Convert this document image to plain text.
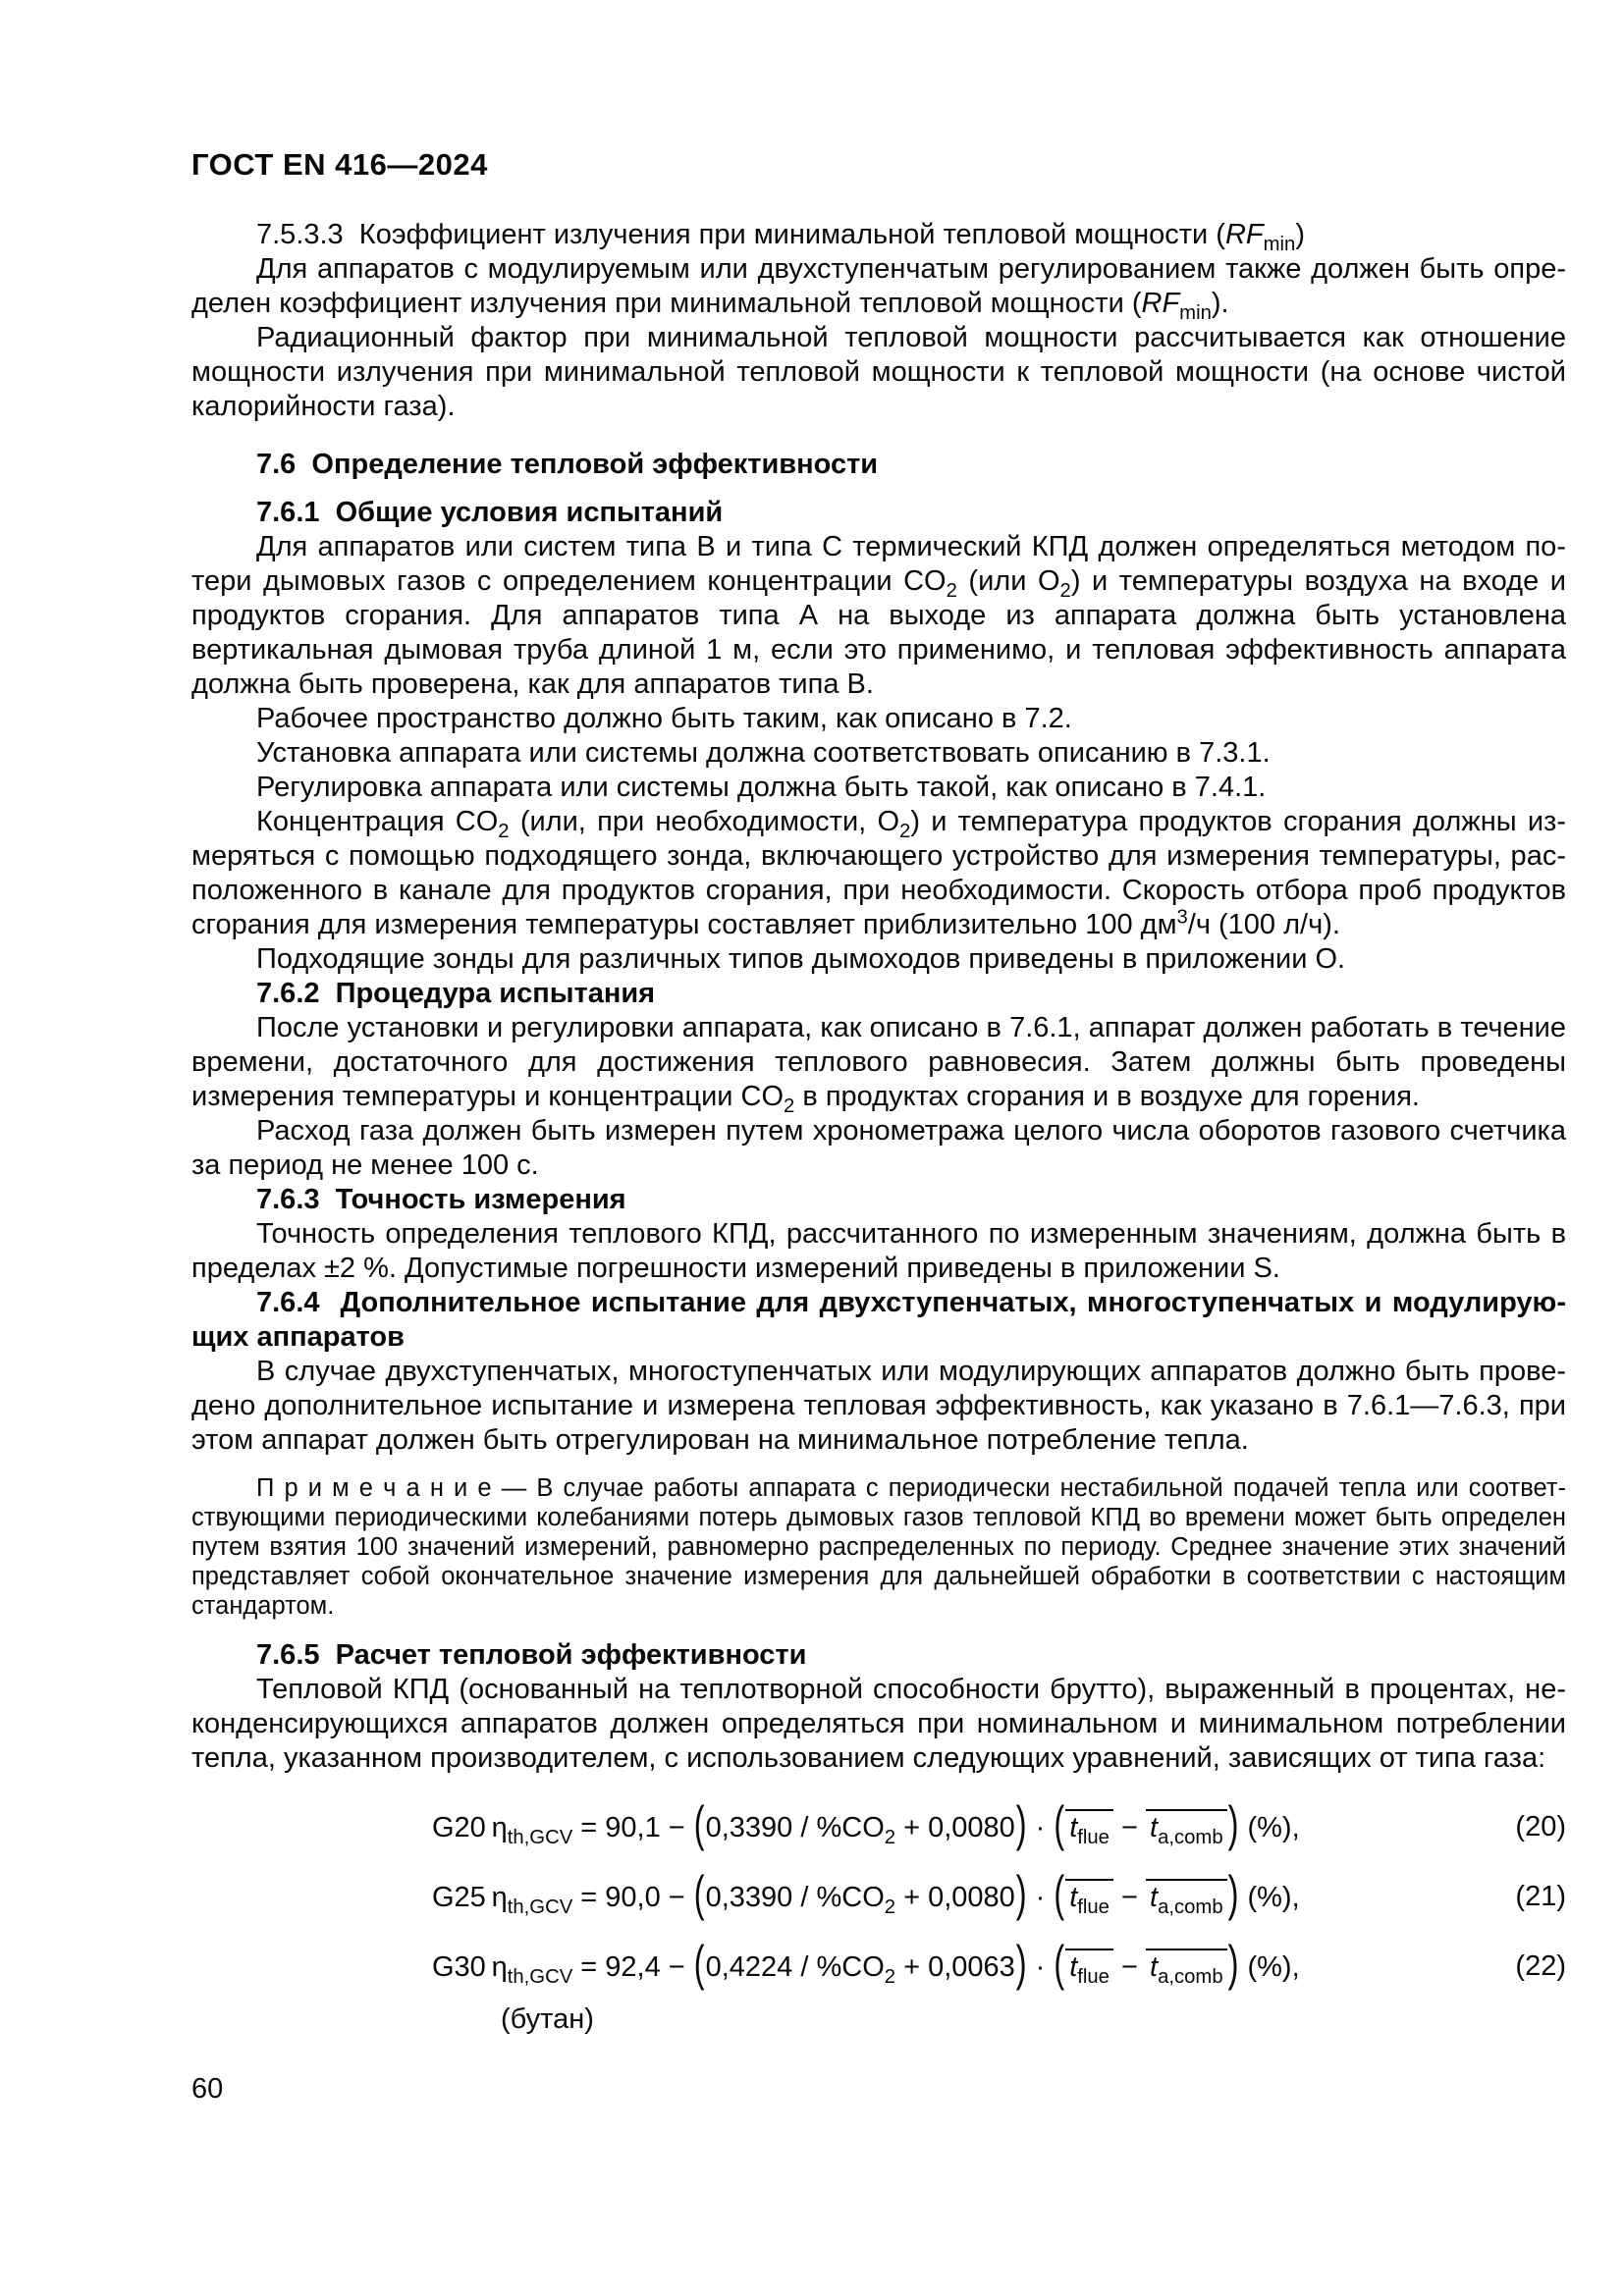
ГОСТ EN 416—2024
7.5.3.3  Коэффициент излучения при минимальной тепловой мощности $(RF_{min})$
Для аппаратов с модулируемым или двухступенчатым регулированием также должен быть определен коэффициент излучения при минимальной тепловой мощности $(RF_{min})$.
Радиационный фактор при минимальной тепловой мощности рассчитывается как отношение мощности излучения при минимальной тепловой мощности к тепловой мощности (на основе чистой калорийности газа).
7.6  Определение тепловой эффективности
7.6.1  Общие условия испытаний
Для аппаратов или систем типа В и типа С термический КПД должен определяться методом потери дымовых газов с определением концентрации $CO_2$ (или $O_2$) и температуры воздуха на входе и продуктов сгорания. Для аппаратов типа А на выходе из аппарата должна быть установлена вертикальная дымовая труба длиной 1 м, если это применимо, и тепловая эффективность аппарата должна быть проверена, как для аппаратов типа В.
Рабочее пространство должно быть таким, как описано в 7.2.
Установка аппарата или системы должна соответствовать описанию в 7.3.1.
Регулировка аппарата или системы должна быть такой, как описано в 7.4.1.
Концентрация $CO_2$ (или, при необходимости, $O_2$) и температура продуктов сгорания должны измеряться с помощью подходящего зонда, включающего устройство для измерения температуры, расположенного в канале для продуктов сгорания, при необходимости. Скорость отбора проб продуктов сгорания для измерения температуры составляет приблизительно 100 $дм^3/ч$ (100 л/ч).
Подходящие зонды для различных типов дымоходов приведены в приложении О.
7.6.2  Процедура испытания
После установки и регулировки аппарата, как описано в 7.6.1, аппарат должен работать в течение времени, достаточного для достижения теплового равновесия. Затем должны быть проведены измерения температуры и концентрации $CO_2$ в продуктах сгорания и в воздухе для горения.
Расход газа должен быть измерен путем хронометража целого числа оборотов газового счетчика за период не менее 100 с.
7.6.3  Точность измерения
Точность определения теплового КПД, рассчитанного по измеренным значениям, должна быть в пределах ±2 %. Допустимые погрешности измерений приведены в приложении S.
7.6.4  Дополнительное испытание для двухступенчатых, многоступенчатых и модулирующих аппаратов
В случае двухступенчатых, многоступенчатых или модулирующих аппаратов должно быть проведено дополнительное испытание и измерена тепловая эффективность, как указано в 7.6.1—7.6.3, при этом аппарат должен быть отрегулирован на минимальное потребление тепла.
П р и м е ч а н и е — В случае работы аппарата с периодически нестабильной подачей тепла или соответствующими периодическими колебаниями потерь дымовых газов тепловой КПД во времени может быть определен путем взятия 100 значений измерений, равномерно распределенных по периоду. Среднее значение этих значений представляет собой окончательное значение измерения для дальнейшей обработки в соответствии с настоящим стандартом.
7.6.5  Расчет тепловой эффективности
Тепловой КПД (основанный на теплотворной способности брутто), выраженный в процентах, неконденсирующихся аппаратов должен определяться при номинальном и минимальном потреблении тепла, указанном производителем, с использованием следующих уравнений, зависящих от типа газа:
G20 $\eta_{th,GCV} = 90,1 - (0,3390 / \%CO_2 + 0,0080)$ · ( $t_{flue} - t_{a,comb}$ ) (%),	(20)
G25 $\eta_{th,GCV} = 90,0 - (0,3390 / \%CO_2 + 0,0080)$ · ( $t_{flue} - t_{a,comb}$ ) (%),	(21)
G30 $\eta_{th,GCV} = 92,4 - (0,4224 / \%CO_2 + 0,0063)$ · ( $t_{flue} - t_{a,comb}$ ) (%),	(22)
(бутан)
60
